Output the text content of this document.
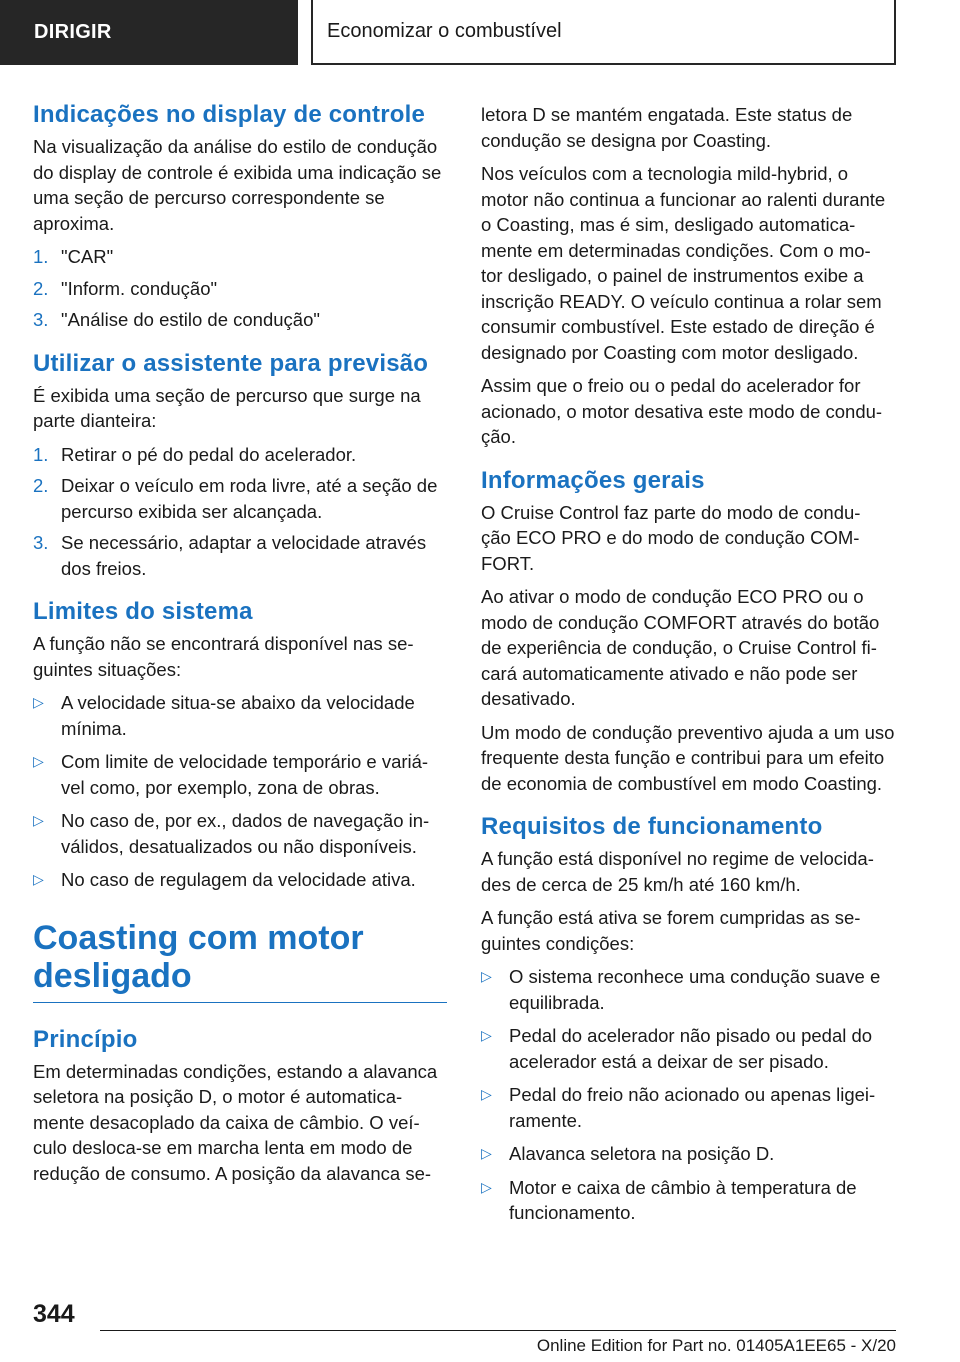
DIRIGIR	Economizar o combustível
Indicações no display de controle

Na visualização da análise do estilo de condução do display de controle é exibida uma indicação se uma seção de percurso correspondente se aproxima.

1. "CAR"
2. "Inform. condução"
3. "Análise do estilo de condução"
Utilizar o assistente para previsão

É exibida uma seção de percurso que surge na parte dianteira:

1. Retirar o pé do pedal do acelerador.
2. Deixar o veículo em roda livre, até a seção de percurso exibida ser alcançada.
3. Se necessário, adaptar a velocidade através dos freios.
Limites do sistema

A função não se encontrará disponível nas se- guintes situações:

▷ A velocidade situa-se abaixo da velocidade mínima.
▷ Com limite de velocidade temporário e variá- vel como, por exemplo, zona de obras.
▷ No caso de, por ex., dados de navegação in- válidos, desatualizados ou não disponíveis.
▷ No caso de regulagem da velocidade ativa.
Coasting com motor desligado
Princípio

Em determinadas condições, estando a alavanca seletora na posição D, o motor é automatica- mente desacoplado da caixa de câmbio. O veí- culo desloca-se em marcha lenta em modo de redução de consumo. A posição da alavanca se-

letora D se mantém engatada. Este status de condução se designa por Coasting.

Nos veículos com a tecnologia mild-hybrid, o motor não continua a funcionar ao ralenti durante o Coasting, mas é sim, desligado automatica- mente em determinadas condições. Com o mo- tor desligado, o painel de instrumentos exibe a inscrição READY. O veículo continua a rolar sem consumir combustível. Este estado de direção é designado por Coasting com motor desligado.

Assim que o freio ou o pedal do acelerador for acionado, o motor desativa este modo de condu- ção.

Informações gerais

O Cruise Control faz parte do modo de condu- ção ECO PRO e do modo de condução COM- FORT.

Ao ativar o modo de condução ECO PRO ou o modo de condução COMFORT através do botão de experiência de condução, o Cruise Control fi- cará automaticamente ativado e não pode ser desativado.

Um modo de condução preventivo ajuda a um uso frequente desta função e contribui para um efeito de economia de combustível em modo Coasting.

Requisitos de funcionamento

A função está disponível no regime de velocida- des de cerca de 25 km/h até 160 km/h.

A função está ativa se forem cumpridas as se- guintes condições:

▷ O sistema reconhece uma condução suave e equilibrada.
▷ Pedal do acelerador não pisado ou pedal do acelerador está a deixar de ser pisado.
▷ Pedal do freio não acionado ou apenas ligei- ramente.
▷ Alavanca seletora na posição D.
▷ Motor e caixa de câmbio à temperatura de funcionamento.
344
Online Edition for Part no. 01405A1EE65 - X/20
